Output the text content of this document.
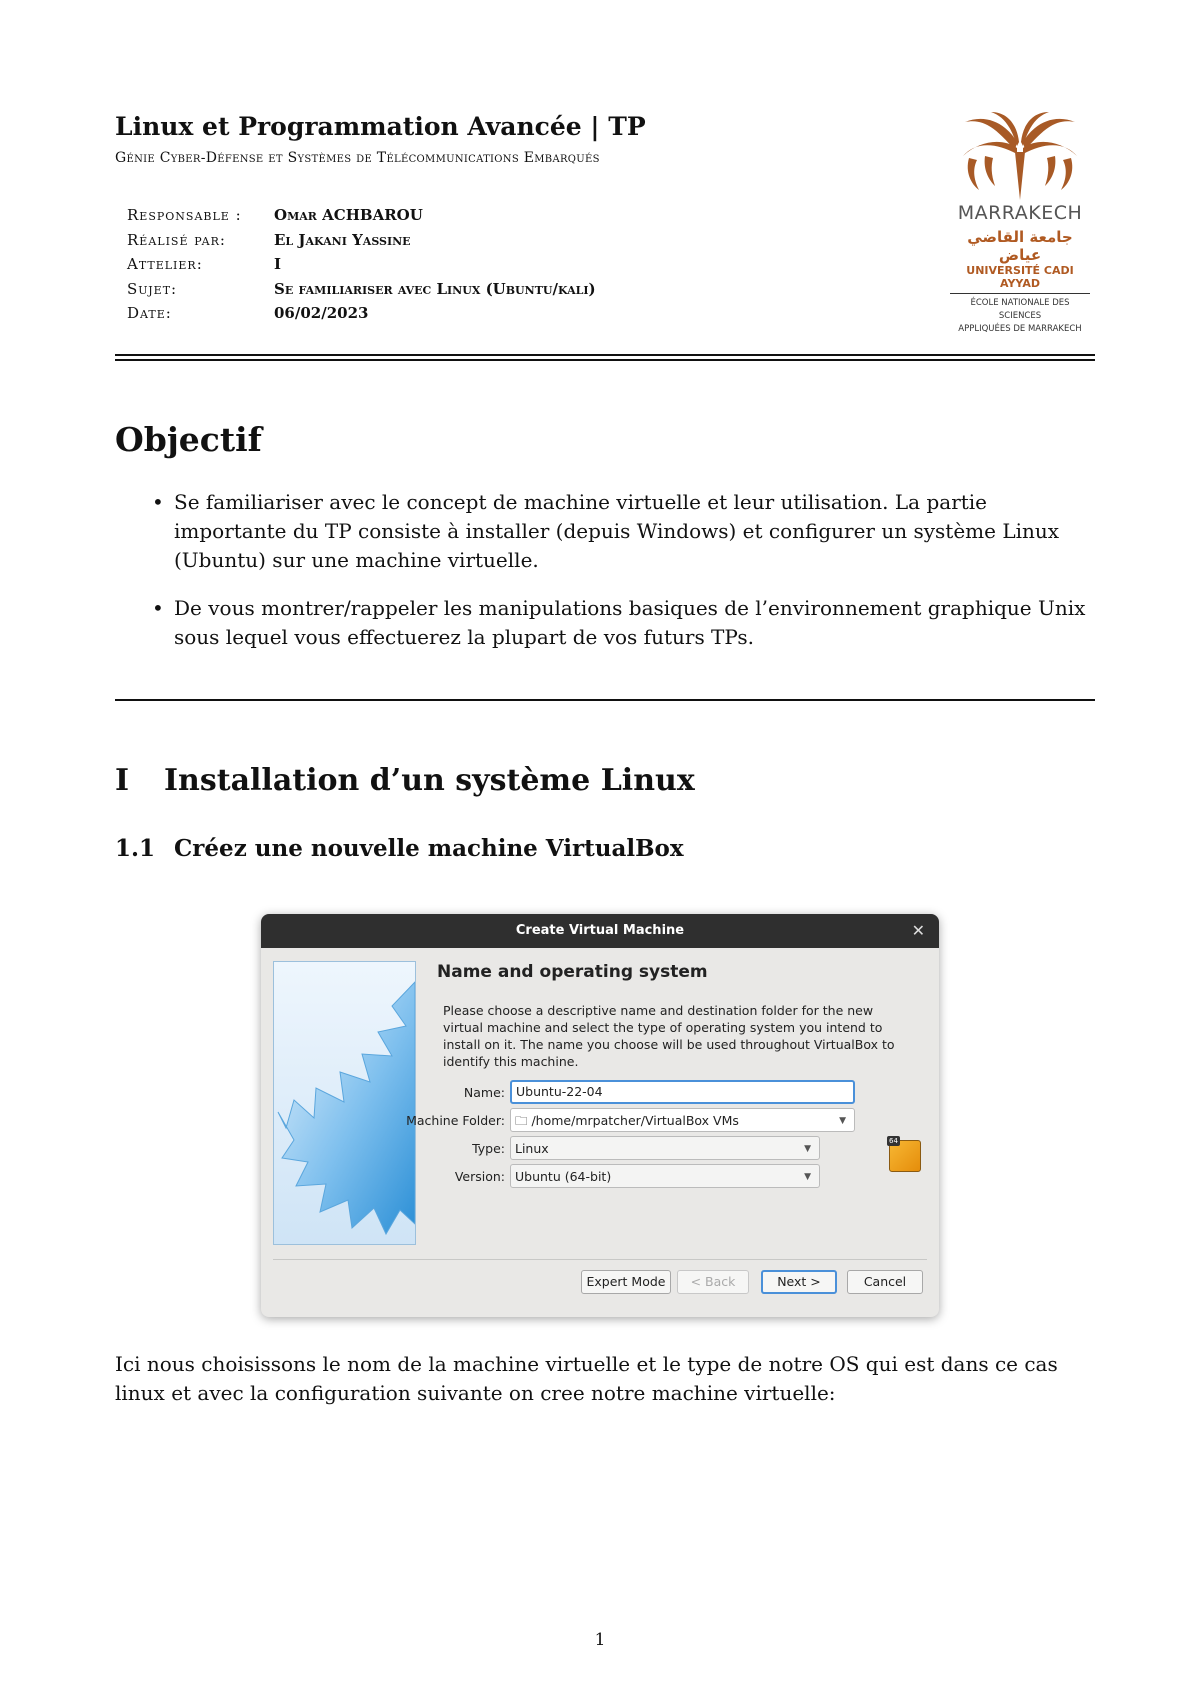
Linux et Programmation Avancée | TP
Génie Cyber-Défense et Systèmes de Télécommunications Embarqués
Responsable :	Omar ACHBAROU
Réalisé par:	El Jakani Yassine
Attelier:	I
Sujet:	Se familiariser avec Linux (Ubuntu/kali)
Date:	06/02/2023
MARRAKECH
جامعة القاضي عياض
UNIVERSITÉ CADI AYYAD
ÉCOLE NATIONALE DES SCIENCES
APPLIQUÉES DE MARRAKECH
Objectif
• Se familiariser avec le concept de machine virtuelle et leur utilisation. La partie importante du TP consiste à installer (depuis Windows) et configurer un système Linux (Ubuntu) sur une machine virtuelle.
• De vous montrer/rappeler les manipulations basiques de l’environnement graphique Unix sous lequel vous effectuerez la plupart de vos futurs TPs.
I Installation d’un système Linux
1.1 Créez une nouvelle machine VirtualBox
Create Virtual Machine	✕
Name and operating system
Please choose a descriptive name and destination folder for the new virtual machine and select the type of operating system you intend to install on it. The name you choose will be used throughout VirtualBox to identify this machine.
Name: Ubuntu-22-04
Machine Folder: 🗀 /home/mrpatcher/VirtualBox VMs	▼
Type: Linux	▼
64
Version: Ubuntu (64-bit)	▼
Expert Mode	< Back	Next >	Cancel
Ici nous choisissons le nom de la machine virtuelle et le type de notre OS qui est dans ce cas linux et avec la configuration suivante on cree notre machine virtuelle:
1
